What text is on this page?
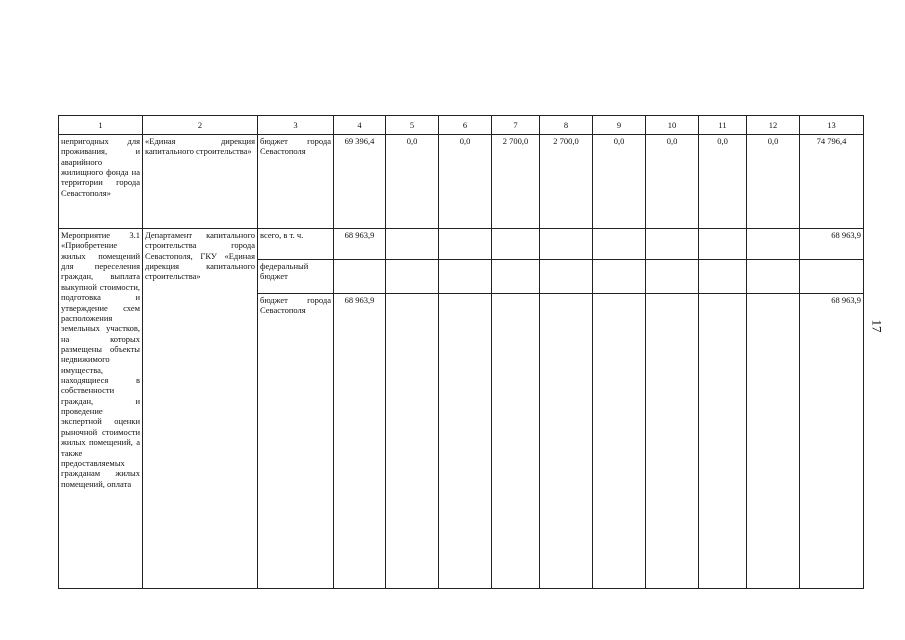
1	2	3	4	5	6	7	8	9	10	11	12	13
непригодных для проживания, и аварийного жилищного фонда на территории города Севастополя»	«Единая дирекция капитального строительства»	бюджет города Севастополя	69 396,4	0,0	0,0	2 700,0	2 700,0	0,0	0,0	0,0	0,0	74 796,4
Мероприятие 3.1 «Приобретение жилых помещений для переселения граждан, выплата выкупной стоимости, подготовка и утверждение схем расположения земельных участков, на которых размещены объекты недвижимого имущества, находящиеся в собственности граждан, и проведение экспертной оценки рыночной стоимости жилых помещений, а также предоставляемых гражданам жилых помещений, оплата	Департамент капитального строительства города Севастополя, ГКУ «Единая дирекция капитального строительства»	всего, в т. ч.	68 963,9									68 963,9
		федеральный бюджет										
		бюджет города Севастополя	68 963,9									68 963,9
17
